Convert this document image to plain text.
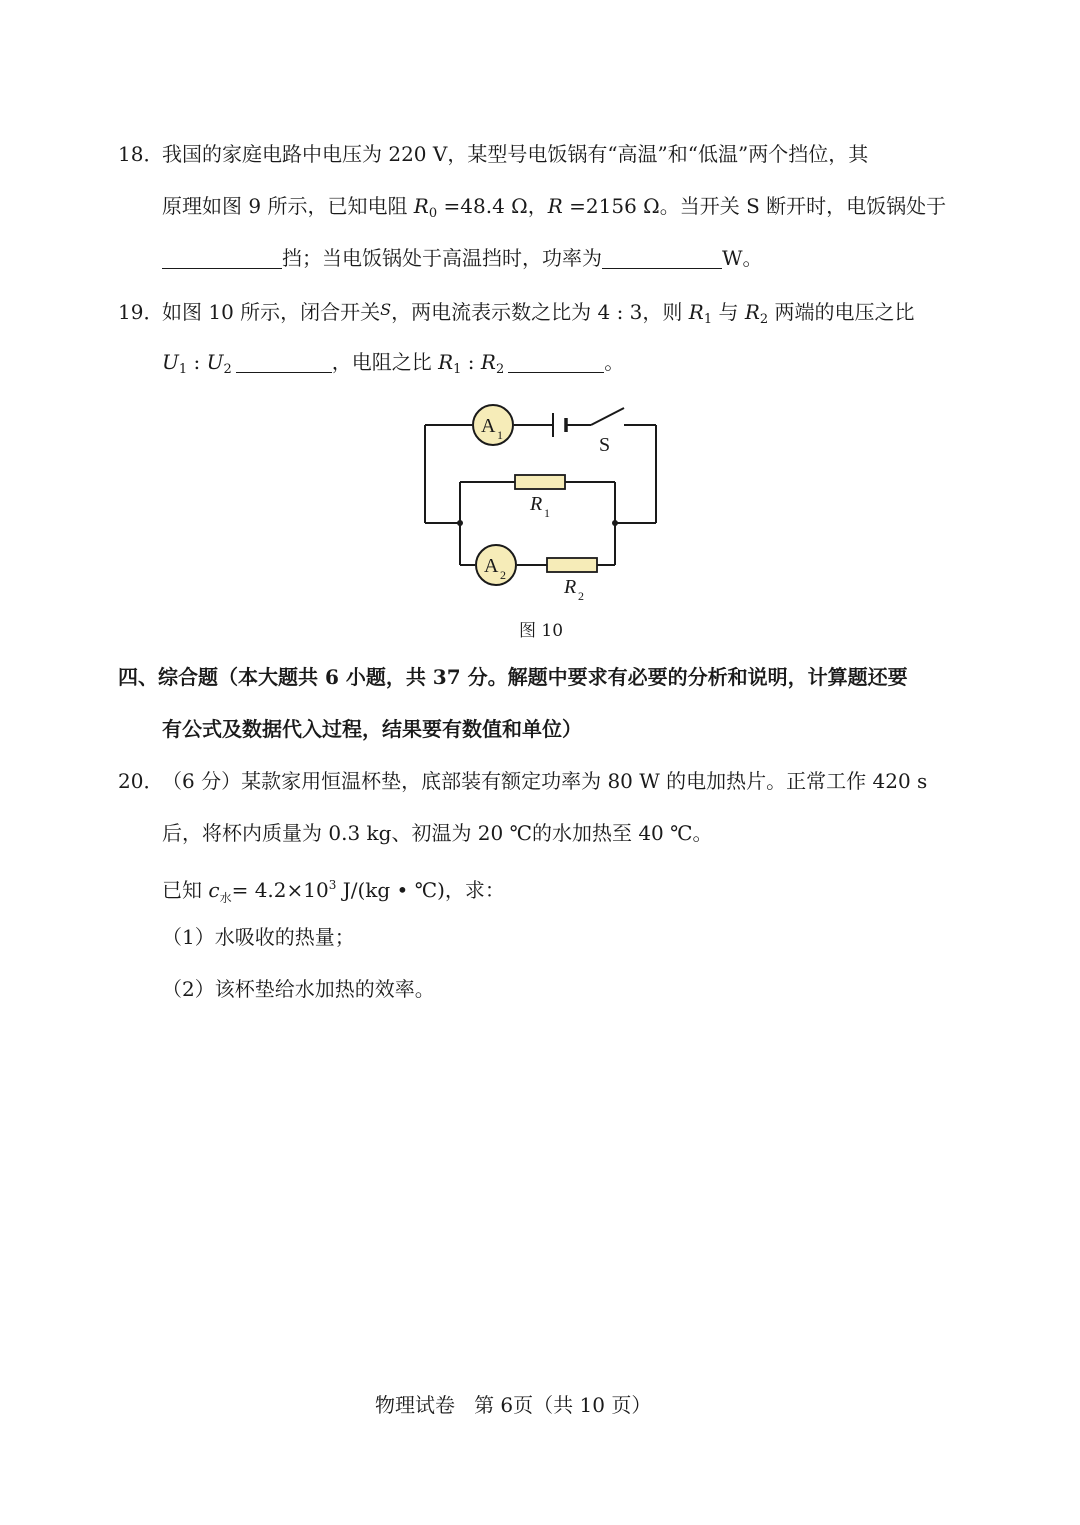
18．我国的家庭电路中电压为 220 V，某型号电饭锅有“高温”和“低温”两个挡位，其
原理如图 9 所示，已知电阻 $R_0 =48.4$ Ω，R =2156 Ω。当开关 S 断开时，电饭锅处于
挡；当电饭锅处于高温挡时，功率为	W。
19．如图 10 所示，闭合开关$^S$，两电流表示数之比为 4 : 3，则 $R_1$ 与 $R_2$ 两端的电压之比
$U_1$ : $U_2$	，电阻之比 $R_1$ : $R_2$	。
A 1
A 2
S
R 1
R 2
图 10
四、综合题（本大题共 6 小题，共 37 分。解题中要求有必要的分析和说明，计算题还要
有公式及数据代入过程，结果要有数值和单位）
20．（6 分）某款家用恒温杯垫，底部装有额定功率为 80 W 的电加热片。正常工作 420 s
后，将杯内质量为 0.3 kg、初温为 20 ℃的水加热至 40 ℃。
已知 $c_水= 4.2\times 10^3$ J/(kg • ℃)，求：
（1）水吸收的热量；
（2）该杯垫给水加热的效率。
物理试卷   第 6页（共 10 页）
